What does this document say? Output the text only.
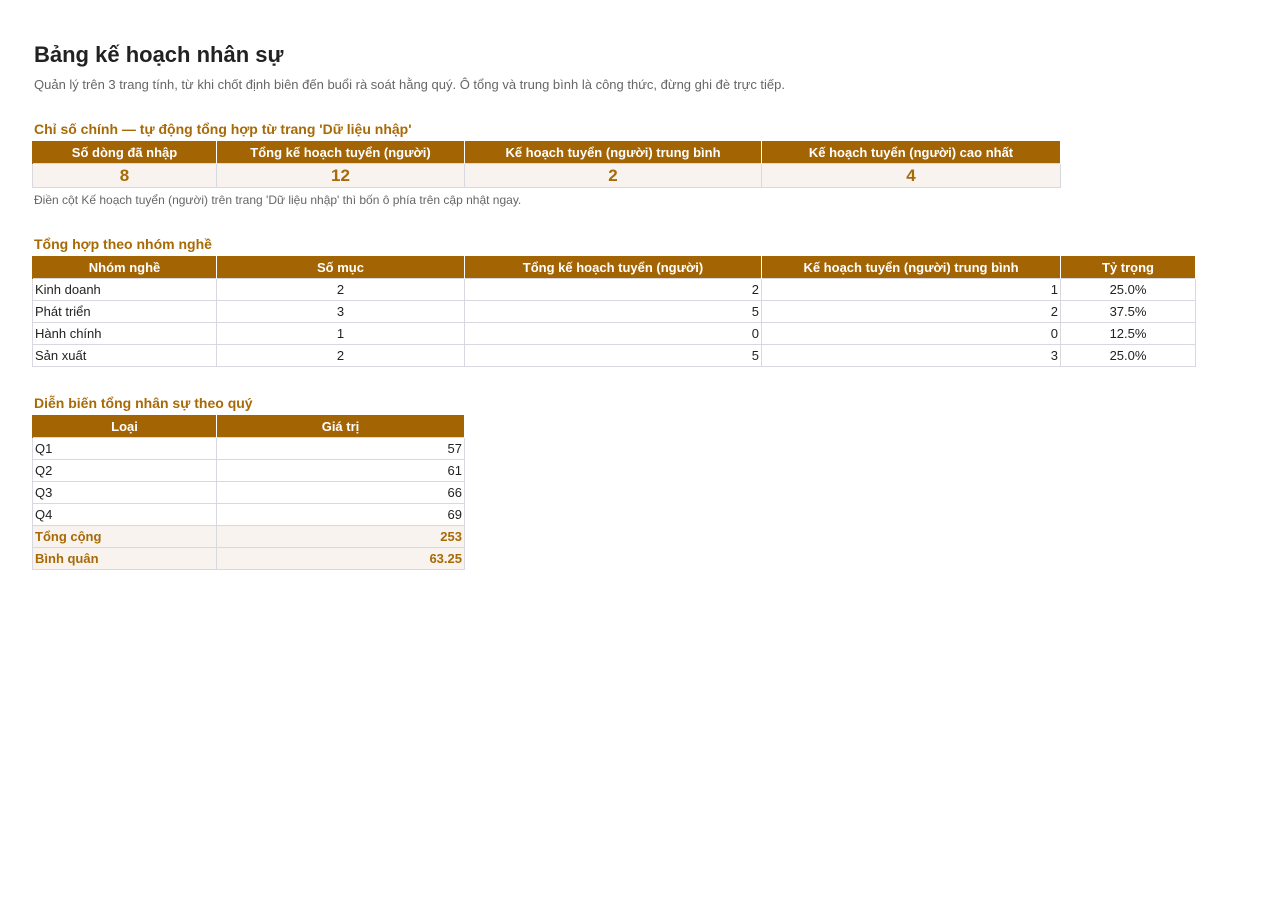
Bảng kế hoạch nhân sự
Quản lý trên 3 trang tính, từ khi chốt định biên đến buổi rà soát hằng quý. Ô tổng và trung bình là công thức, đừng ghi đè trực tiếp.
Chỉ số chính — tự động tổng hợp từ trang 'Dữ liệu nhập'
Số dòng đã nhập	Tổng kế hoạch tuyển (người)	Kế hoạch tuyển (người) trung bình	Kế hoạch tuyển (người) cao nhất
8	12	2	4
Điền cột Kế hoạch tuyển (người) trên trang 'Dữ liệu nhập' thì bốn ô phía trên cập nhật ngay.
Tổng hợp theo nhóm nghề
Nhóm nghề	Số mục	Tổng kế hoạch tuyển (người)	Kế hoạch tuyển (người) trung bình	Tỷ trọng
Kinh doanh	2	2	1	25.0%
Phát triển	3	5	2	37.5%
Hành chính	1	0	0	12.5%
Sản xuất	2	5	3	25.0%
Diễn biến tổng nhân sự theo quý
Loại	Giá trị
Q1	57
Q2	61
Q3	66
Q4	69
Tổng cộng	253
Bình quân	63.25
